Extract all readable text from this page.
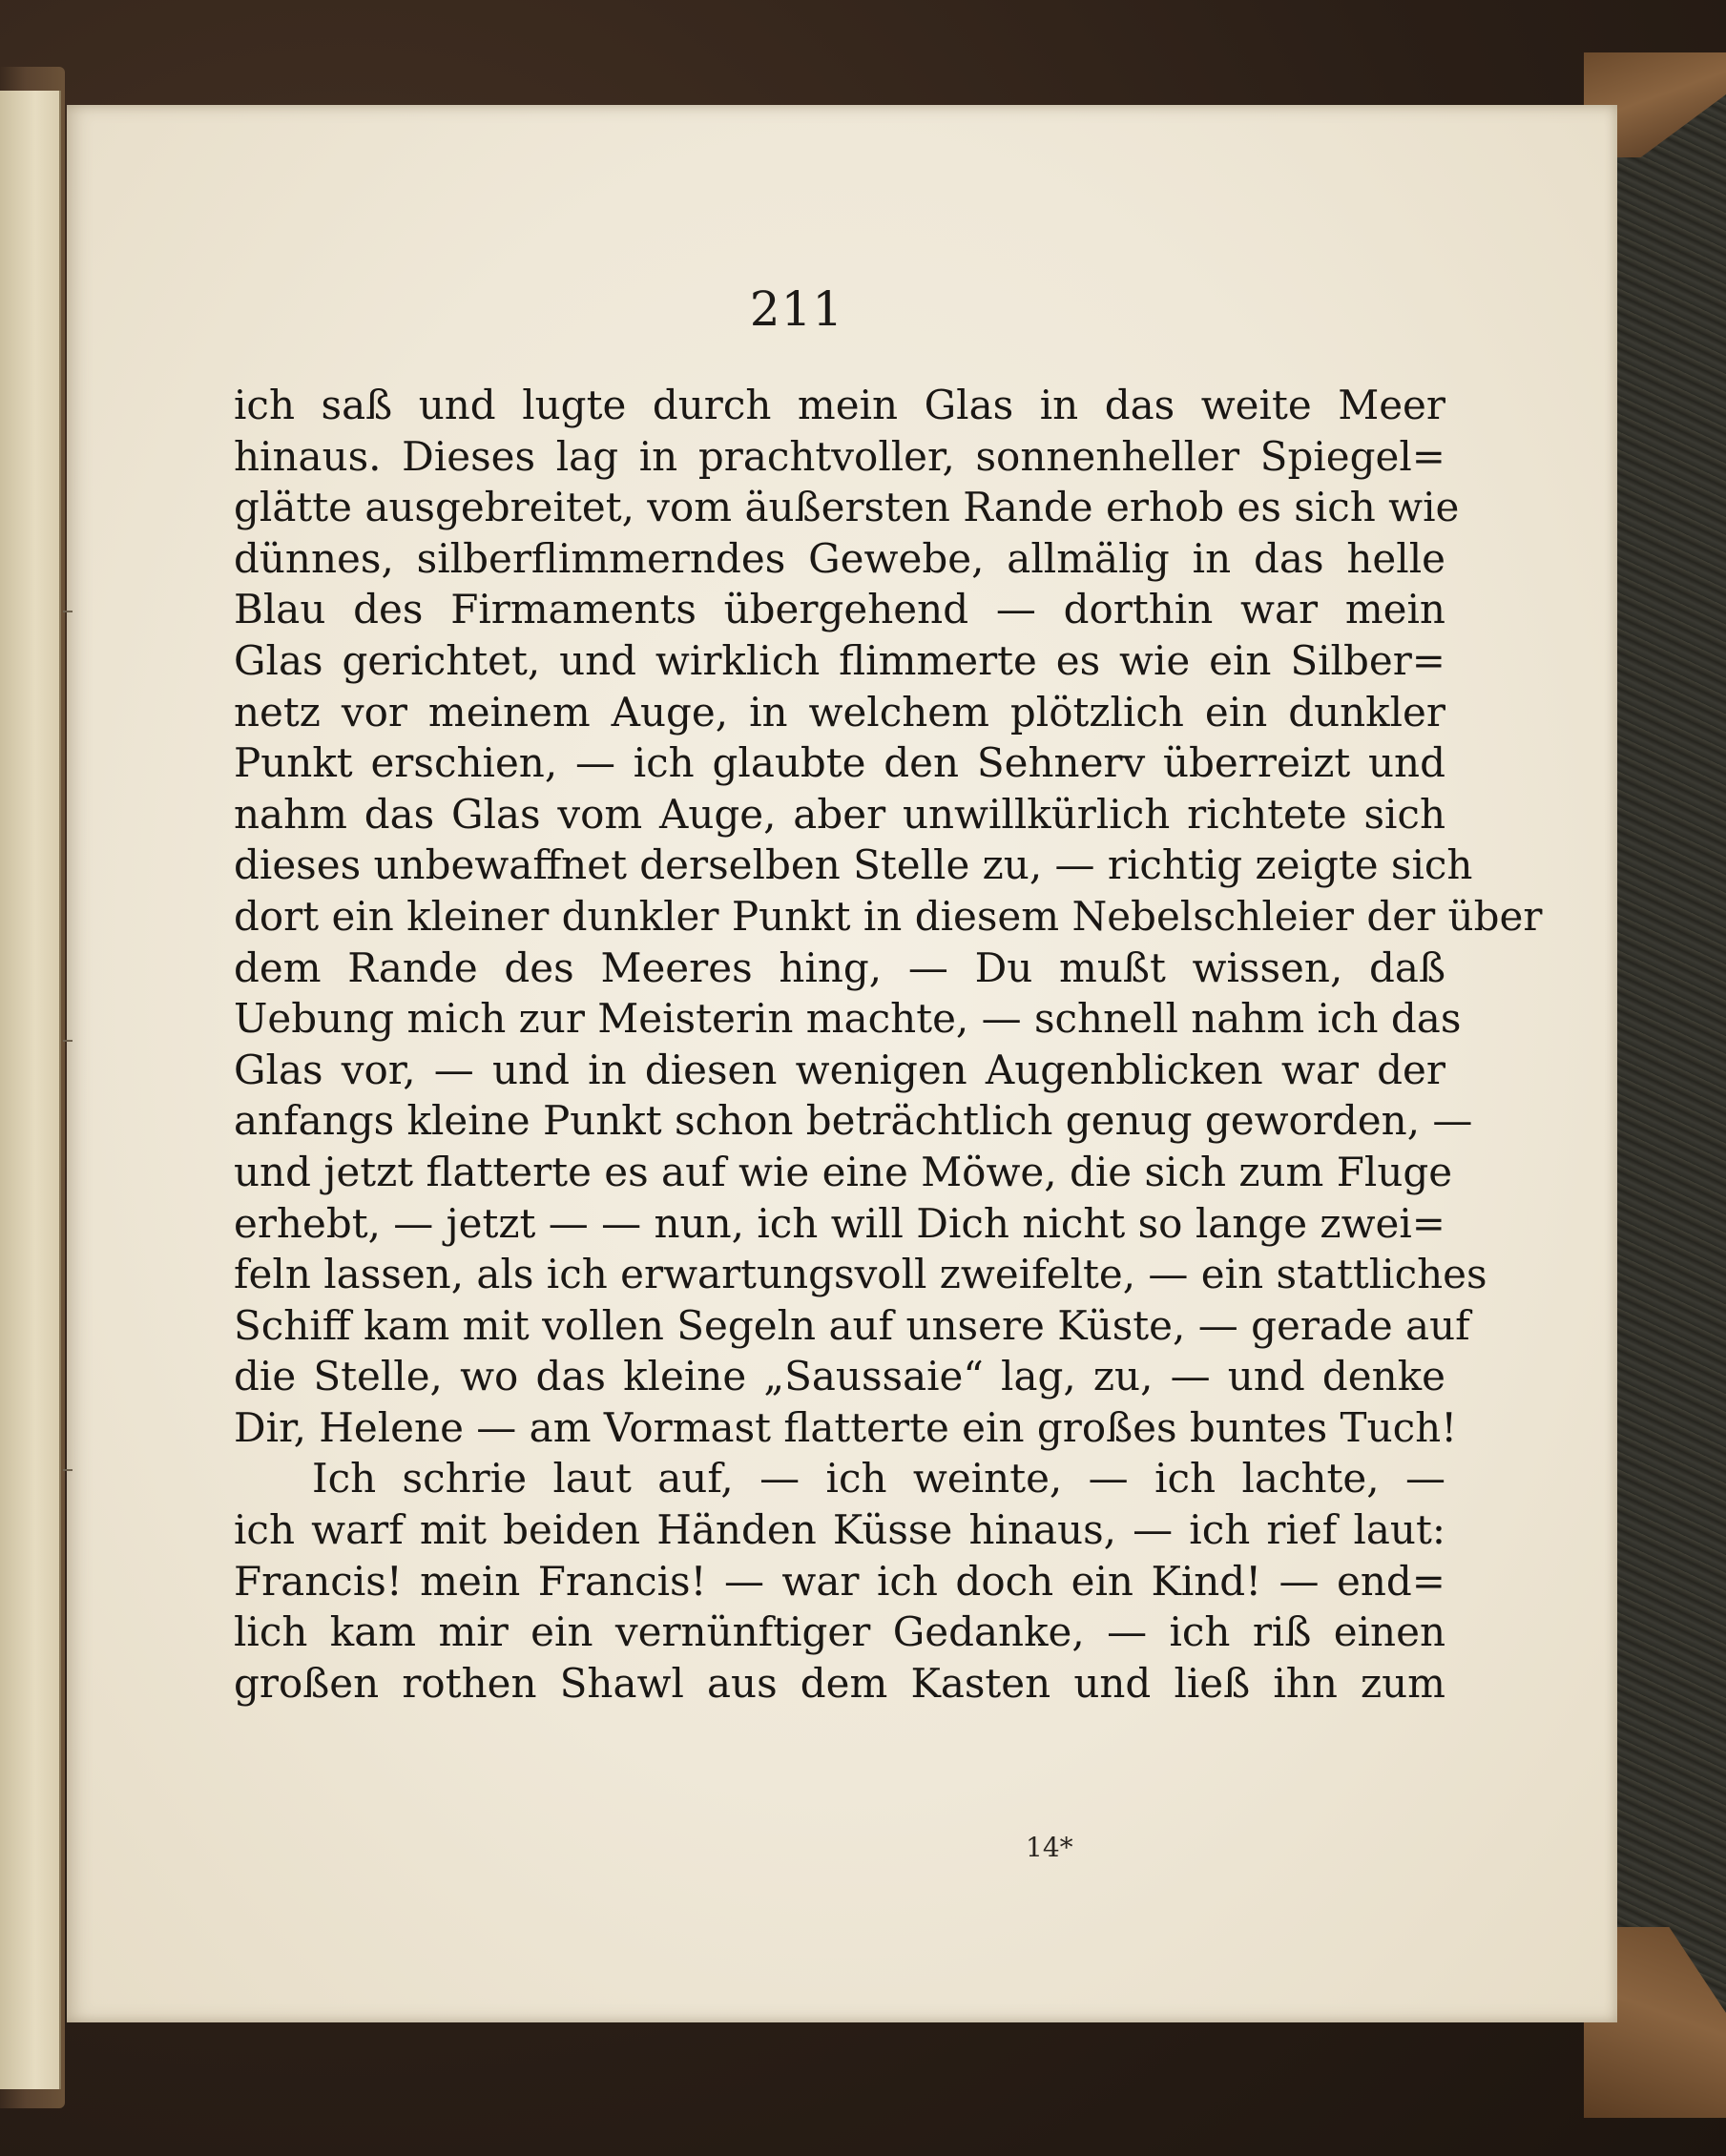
211
ich saß und lugte durch mein Glas in das weite Meer
hinaus. Dieses lag in prachtvoller, sonnenheller Spiegel=
glätte ausgebreitet, vom äußersten Rande erhob es sich wie
dünnes, silberflimmerndes Gewebe, allmälig in das helle
Blau des Firmaments übergehend — dorthin war mein
Glas gerichtet, und wirklich flimmerte es wie ein Silber=
netz vor meinem Auge, in welchem plötzlich ein dunkler
Punkt erschien, — ich glaubte den Sehnerv überreizt und
nahm das Glas vom Auge, aber unwillkürlich richtete sich
dieses unbewaffnet derselben Stelle zu, — richtig zeigte sich
dort ein kleiner dunkler Punkt in diesem Nebelschleier der über
dem Rande des Meeres hing, — Du mußt wissen, daß
Uebung mich zur Meisterin machte, — schnell nahm ich das
Glas vor, — und in diesen wenigen Augenblicken war der
anfangs kleine Punkt schon beträchtlich genug geworden, —
und jetzt flatterte es auf wie eine Möwe, die sich zum Fluge
erhebt, — jetzt — — nun, ich will Dich nicht so lange zwei=
feln lassen, als ich erwartungsvoll zweifelte, — ein stattliches
Schiff kam mit vollen Segeln auf unsere Küste, — gerade auf
die Stelle, wo das kleine „Saussaie“ lag, zu, — und denke
Dir, Helene — am Vormast flatterte ein großes buntes Tuch!
Ich schrie laut auf, — ich weinte, — ich lachte, —
ich warf mit beiden Händen Küsse hinaus, — ich rief laut:
Francis! mein Francis! — war ich doch ein Kind! — end=
lich kam mir ein vernünftiger Gedanke, — ich riß einen
großen rothen Shawl aus dem Kasten und ließ ihn zum
14*
